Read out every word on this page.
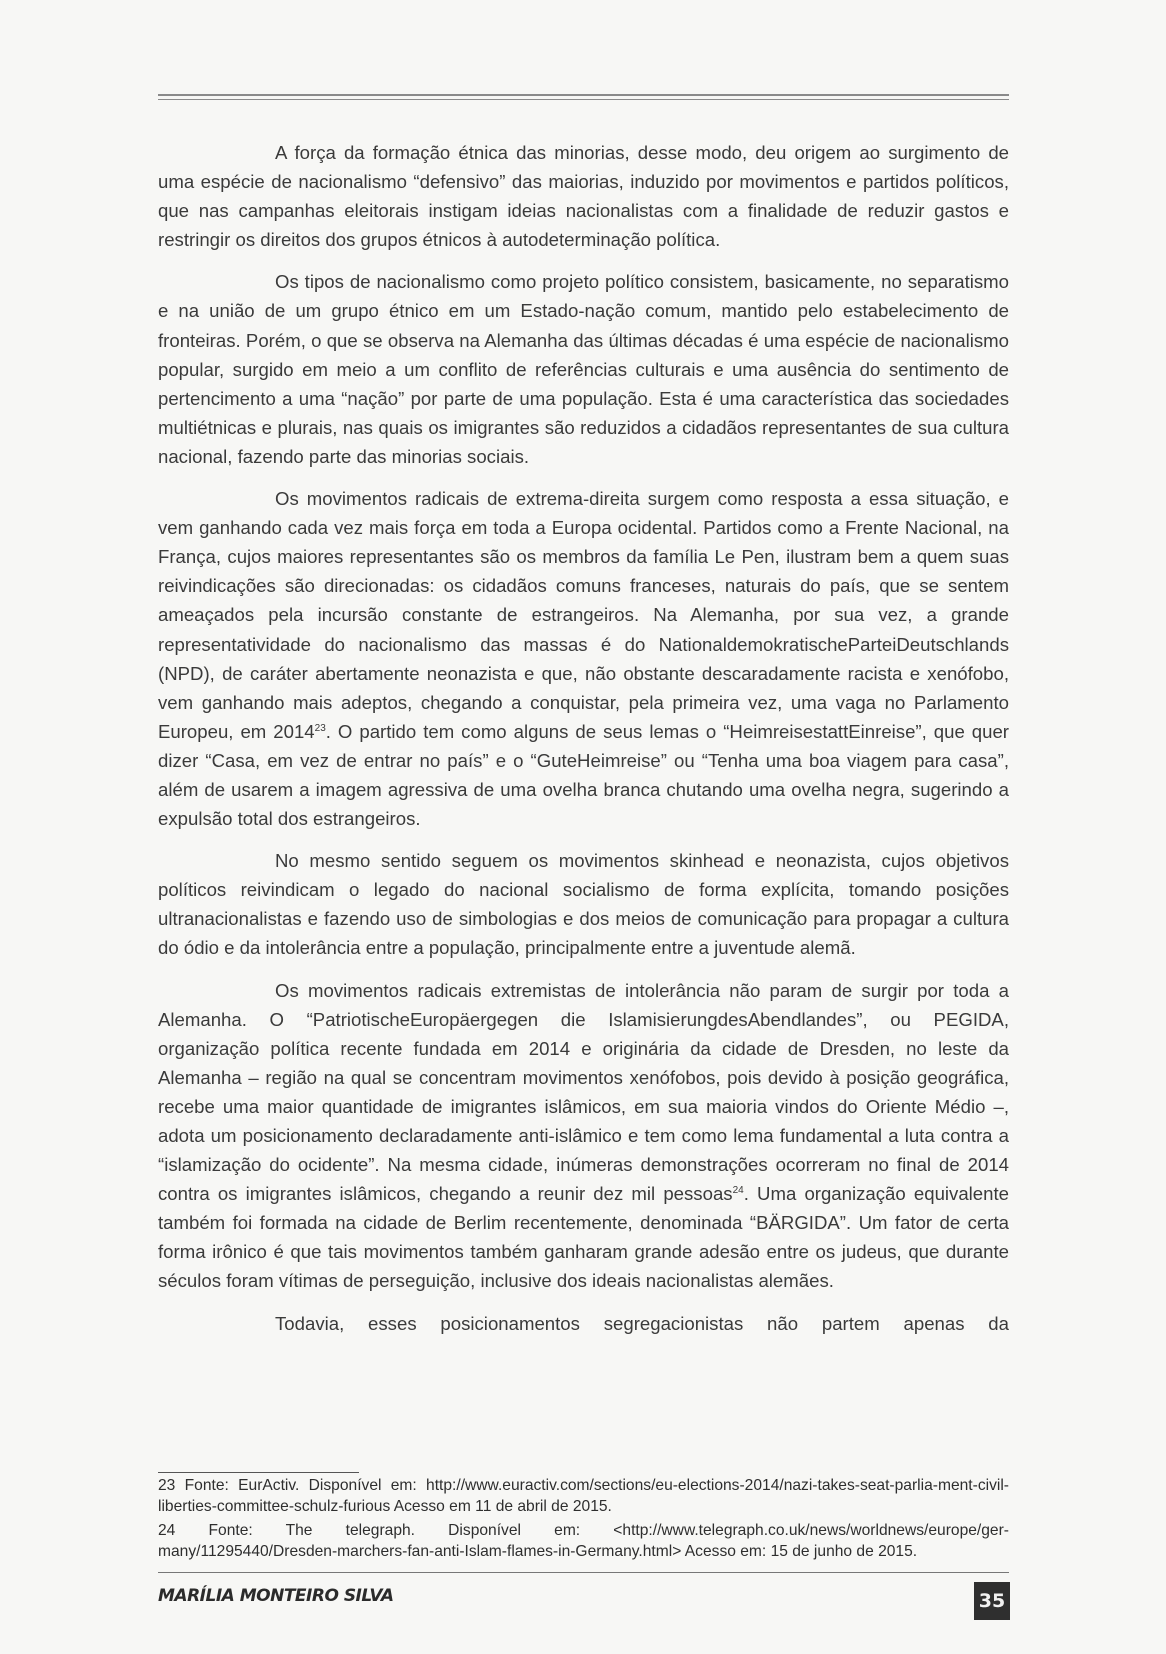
A força da formação étnica das minorias, desse modo, deu origem ao surgimento de uma espécie de nacionalismo “defensivo” das maiorias, induzido por movimentos e partidos políticos, que nas campanhas eleitorais instigam ideias nacionalistas com a finalidade de reduzir gastos e restringir os direitos dos grupos étnicos à autodeterminação política.

Os tipos de nacionalismo como projeto político consistem, basicamente, no separatismo e na união de um grupo étnico em um Estado-nação comum, mantido pelo estabelecimento de fronteiras. Porém, o que se observa na Alemanha das últimas décadas é uma espécie de nacionalismo popular, surgido em meio a um conflito de referências culturais e uma ausência do sentimento de pertencimento a uma “nação” por parte de uma população. Esta é uma característica das sociedades multiétnicas e plurais, nas quais os imigrantes são reduzidos a cidadãos representantes de sua cultura nacional, fazendo parte das minorias sociais.

Os movimentos radicais de extrema-direita surgem como resposta a essa situação, e vem ganhando cada vez mais força em toda a Europa ocidental. Partidos como a Frente Nacional, na França, cujos maiores representantes são os membros da família Le Pen, ilustram bem a quem suas reivindicações são direcionadas: os cidadãos comuns franceses, naturais do país, que se sentem ameaçados pela incursão constante de estrangeiros. Na Alemanha, por sua vez, a grande representatividade do nacionalismo das massas é do NationaldemokratischeParteiDeutschlands (NPD), de caráter abertamente neonazista e que, não obstante descaradamente racista e xenófobo, vem ganhando mais adeptos, chegando a conquistar, pela primeira vez, uma vaga no Parlamento Europeu, em 2014$^{23}$. O partido tem como alguns de seus lemas o “HeimreisestattEinreise”, que quer dizer “Casa, em vez de entrar no país” e o “GuteHeimreise” ou “Tenha uma boa viagem para casa”, além de usarem a imagem agressiva de uma ovelha branca chutando uma ovelha negra, sugerindo a expulsão total dos estrangeiros.

No mesmo sentido seguem os movimentos skinhead e neonazista, cujos objetivos políticos reivindicam o legado do nacional socialismo de forma explícita, tomando posições ultranacionalistas e fazendo uso de simbologias e dos meios de comunicação para propagar a cultura do ódio e da intolerância entre a população, principalmente entre a juventude alemã.

Os movimentos radicais extremistas de intolerância não param de surgir por toda a Alemanha. O “PatriotischeEuropäergegen die IslamisierungdesAbendlandes”, ou PEGIDA, organização política recente fundada em 2014 e originária da cidade de Dresden, no leste da Alemanha – região na qual se concentram movimentos xenófobos, pois devido à posição geográfica, recebe uma maior quantidade de imigrantes islâmicos, em sua maioria vindos do Oriente Médio –, adota um posicionamento declaradamente anti-islâmico e tem como lema fundamental a luta contra a “islamização do ocidente”. Na mesma cidade, inúmeras demonstrações ocorreram no final de 2014 contra os imigrantes islâmicos, chegando a reunir dez mil pessoas$^{24}$. Uma organização equivalente também foi formada na cidade de Berlim recentemente, denominada “BÄRGIDA”. Um fator de certa forma irônico é que tais movimentos também ganharam grande adesão entre os judeus, que durante séculos foram vítimas de perseguição, inclusive dos ideais nacionalistas alemães.

Todavia, esses posicionamentos segregacionistas não partem apenas da

23 Fonte: EurActiv. Disponível em: http://www.euractiv.com/sections/eu-elections-2014/nazi-takes-seat-parlia-ment-civil-liberties-committee-schulz-furious Acesso em 11 de abril de 2015.

24 Fonte: The telegraph. Disponível em: <http://www.telegraph.co.uk/news/worldnews/europe/ger-many/11295440/Dresden-marchers-fan-anti-Islam-flames-in-Germany.html> Acesso em: 15 de junho de 2015.

MARÍLIA MONTEIRO SILVA	35
